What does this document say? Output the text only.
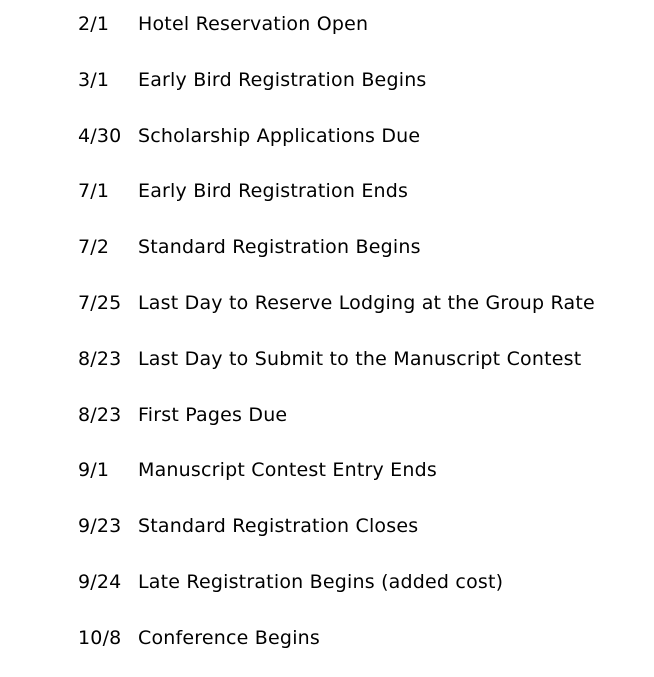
2/1	Hotel Reservation Open
3/1	Early Bird Registration Begins
4/30 Scholarship Applications Due
7/1	Early Bird Registration Ends
7/2	Standard Registration Begins
7/25 Last Day to Reserve Lodging at the Group Rate
8/23 Last Day to Submit to the Manuscript Contest
8/23 First Pages Due
9/1	Manuscript Contest Entry Ends
9/23 Standard Registration Closes
9/24 Late Registration Begins (added cost)
10/8 Conference Begins
